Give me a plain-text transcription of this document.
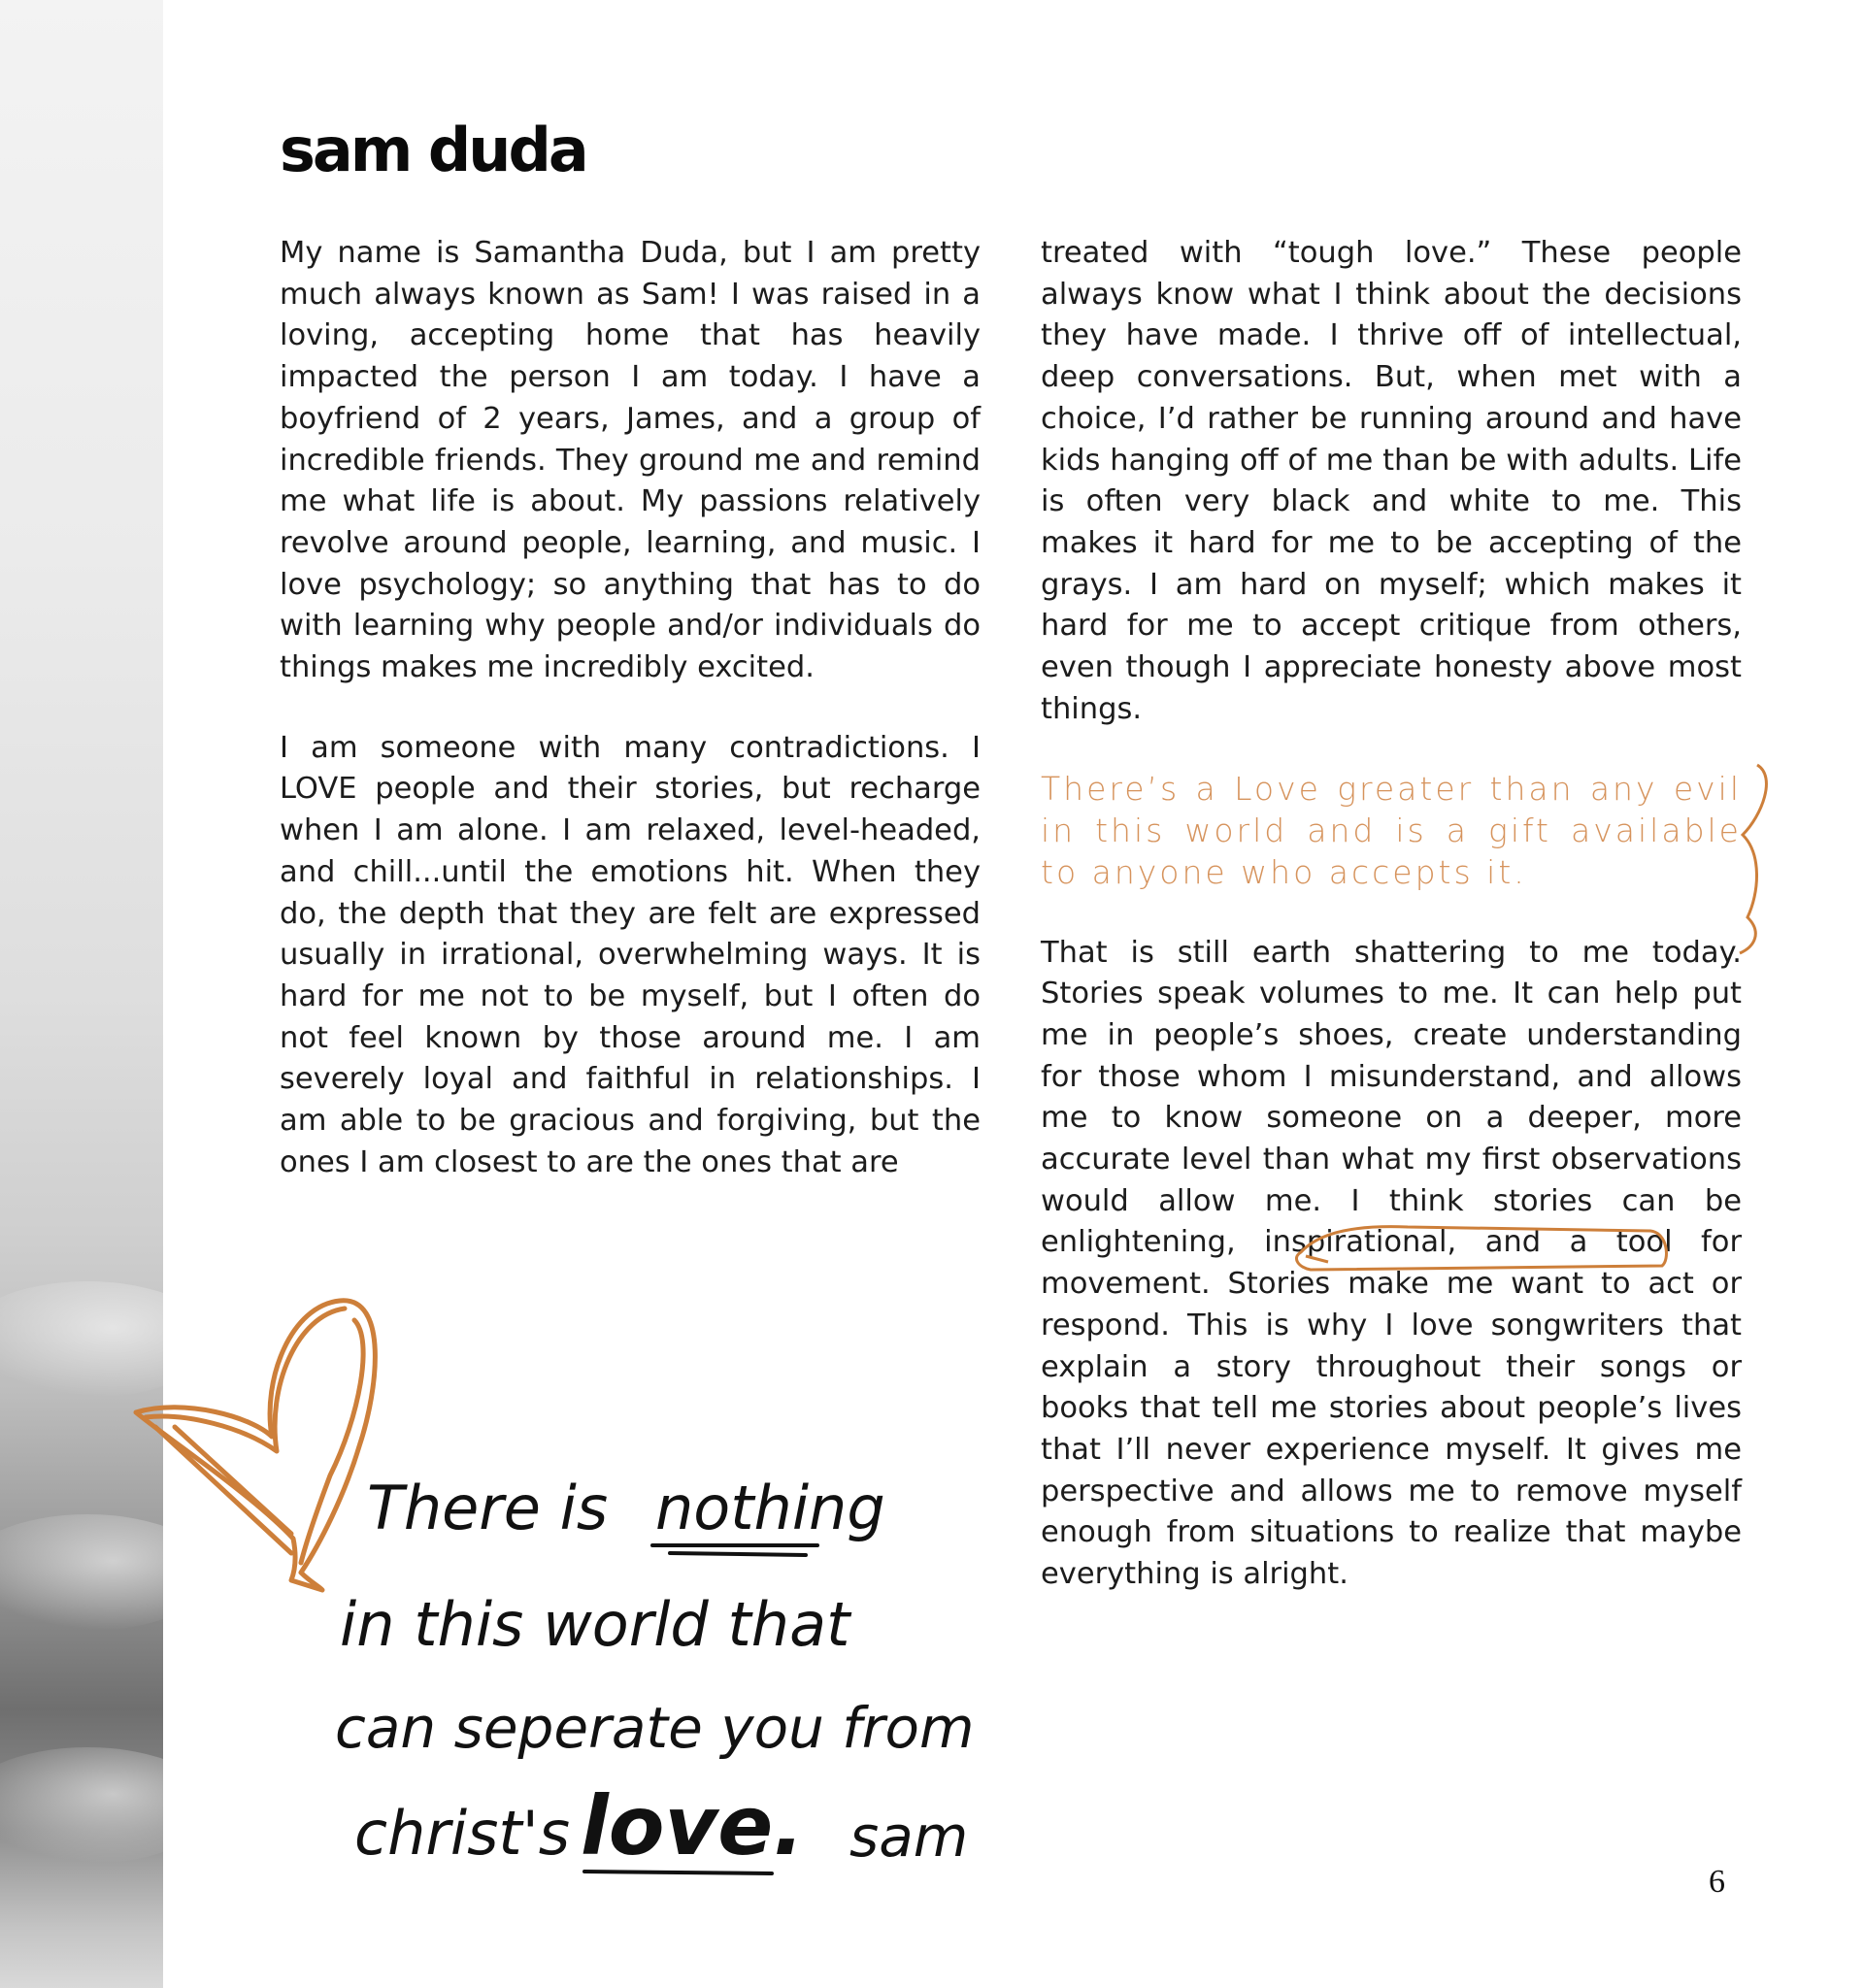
sam duda

My name is Samantha Duda, but I am pretty much always known as Sam! I was raised in a loving, accepting home that has heavily impacted the person I am today. I have a boyfriend of 2 years, James, and a group of incredible friends. They ground me and remind me what life is about. My passions relatively revolve around people, learning, and music. I love psychology; so anything that has to do with learning why people and/or individuals do things makes me incredibly excited.

I am someone with many contradictions. I LOVE people and their stories, but recharge when I am alone. I am relaxed, level-headed, and chill...until the emotions hit. When they do, the depth that they are felt are expressed usually in irrational, overwhelming ways. It is hard for me not to be myself, but I often do not feel known by those around me. I am severely loyal and faithful in relationships. I am able to be gracious and forgiving, but the ones I am closest to are the ones that are

treated with “tough love.” These people always know what I think about the decisions they have made. I thrive off of intellectual, deep conversations. But, when met with a choice, I’d rather be running around and have kids hanging off of me than be with adults. Life is often very black and white to me. This makes it hard for me to be accepting of the grays. I am hard on myself; which makes it hard for me to accept critique from others, even though I appreciate honesty above most things.

There’s a Love greater than any evil in this world and is a gift available to anyone who accepts it.

That is still earth shattering to me today. Stories speak volumes to me. It can help put me in people’s shoes, create understanding for those whom I misunderstand, and allows me to know someone on a deeper, more accurate level than what my first observations would allow me. I think stories can be enlightening, inspirational, and a tool for movement. Stories make me want to act or respond. This is why I love songwriters that explain a story throughout their songs or books that tell me stories about people’s lives that I’ll never experience myself. It gives me perspective and allows me to remove myself enough from situations to realize that maybe everything is alright.

There is nothing
in this world that
can seperate you from
christ's love. sam
6
